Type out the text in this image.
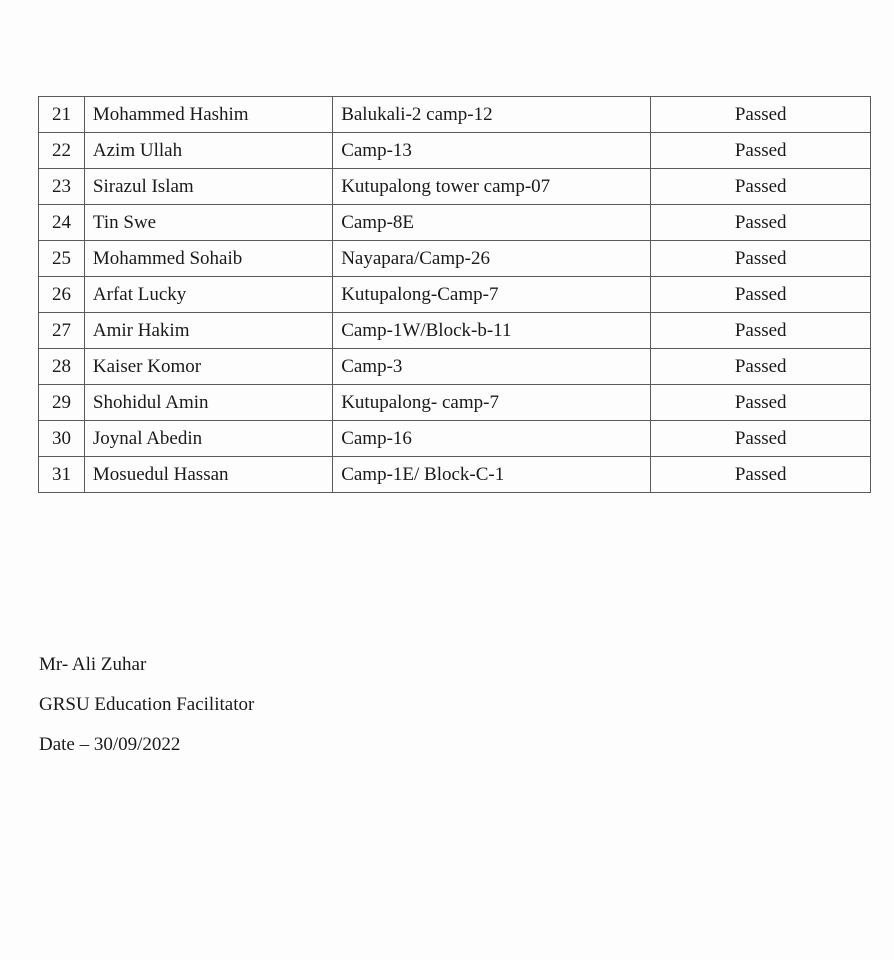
21	Mohammed Hashim	Balukali-2 camp-12	Passed
22	Azim Ullah	Camp-13	Passed
23	Sirazul Islam	Kutupalong tower camp-07	Passed
24	Tin Swe	Camp-8E	Passed
25	Mohammed Sohaib	Nayapara/Camp-26	Passed
26	Arfat Lucky	Kutupalong-Camp-7	Passed
27	Amir Hakim	Camp-1W/Block-b-11	Passed
28	Kaiser Komor	Camp-3	Passed
29	Shohidul Amin	Kutupalong- camp-7	Passed
30	Joynal Abedin	Camp-16	Passed
31	Mosuedul Hassan	Camp-1E/ Block-C-1	Passed
Mr- Ali Zuhar
GRSU Education Facilitator
Date – 30/09/2022
